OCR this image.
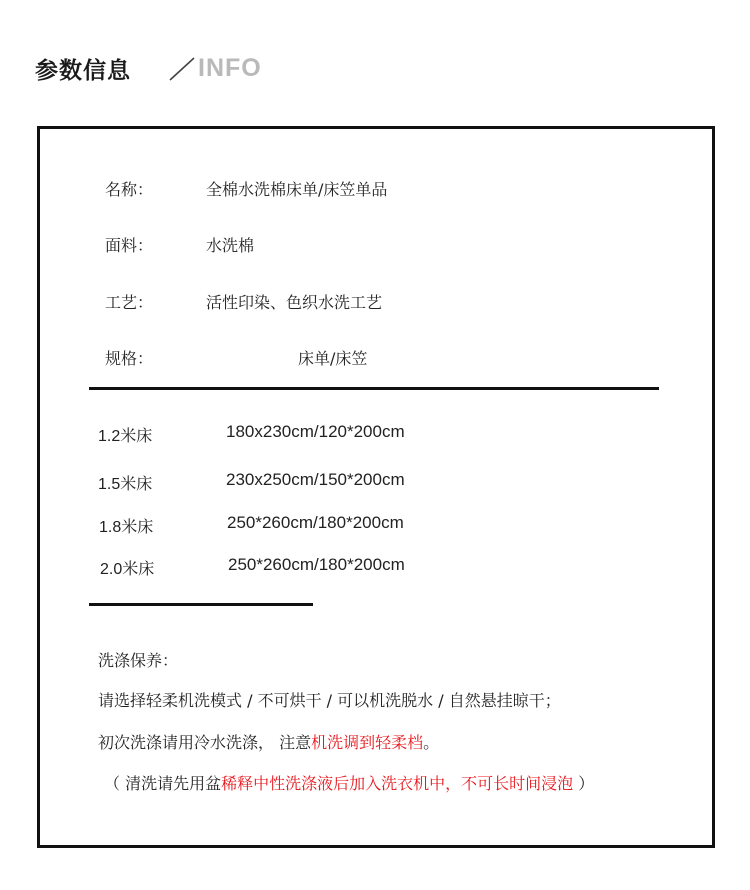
参数信息	INFO
名称：	全棉水洗棉床单/床笠单品
面料：	水洗棉
工艺：	活性印染、色织水洗工艺
规格：	床单/床笠
1.2米床	180x230cm/120*200cm
1.5米床	230x250cm/150*200cm
1.8米床	250*260cm/180*200cm
2.0米床	250*260cm/180*200cm
洗涤保养：
请选择轻柔机洗模式 / 不可烘干 / 可以机洗脱水 / 自然悬挂晾干；
初次洗涤请用冷水洗涤， 注意机洗调到轻柔档。
（ 清洗请先用盆稀释中性洗涤液后加入洗衣机中，不可长时间浸泡 ）
